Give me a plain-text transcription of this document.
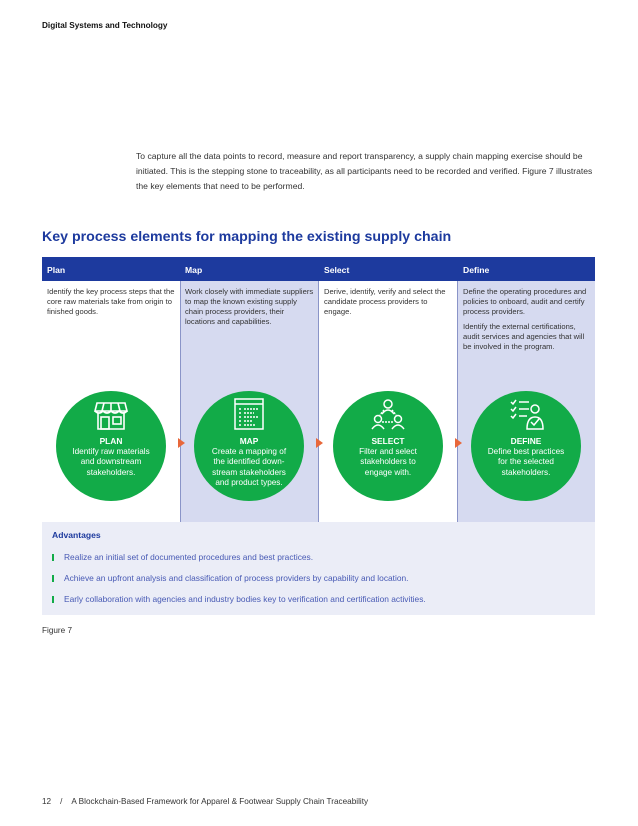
Digital Systems and Technology

To capture all the data points to record, measure and report transparency, a supply chain mapping exercise should be initiated. This is the stepping stone to traceability, as all participants need to be recorded and verified. Figure 7 illustrates the key elements that need to be performed.

Key process elements for mapping the existing supply chain
Plan

Identify the key process steps that the core raw materials take from origin to finished goods.

Map

Work closely with immediate suppliers to map the known existing supply chain process providers, their locations and capabilities.

Select

Derive, identify, verify and select the candidate process providers to engage.

Define

Define the operating procedures and policies to onboard, audit and certify process providers.

Identify the external certifications, audit services and agencies that will be involved in the program.

PLAN
Identify raw materials and downstream stakeholders.
MAP
Create a mapping of the identified down-stream stakeholders and product types.
SELECT
Filter and select stakeholders to engage with.
DEFINE
Define best practices for the selected stakeholders.
Advantages
Realize an initial set of documented procedures and best practices.
Achieve an upfront analysis and classification of process providers by capability and location.
Early collaboration with agencies and industry bodies key to verification and certification activities.
Figure 7
12 / A Blockchain-Based Framework for Apparel & Footwear Supply Chain Traceability
